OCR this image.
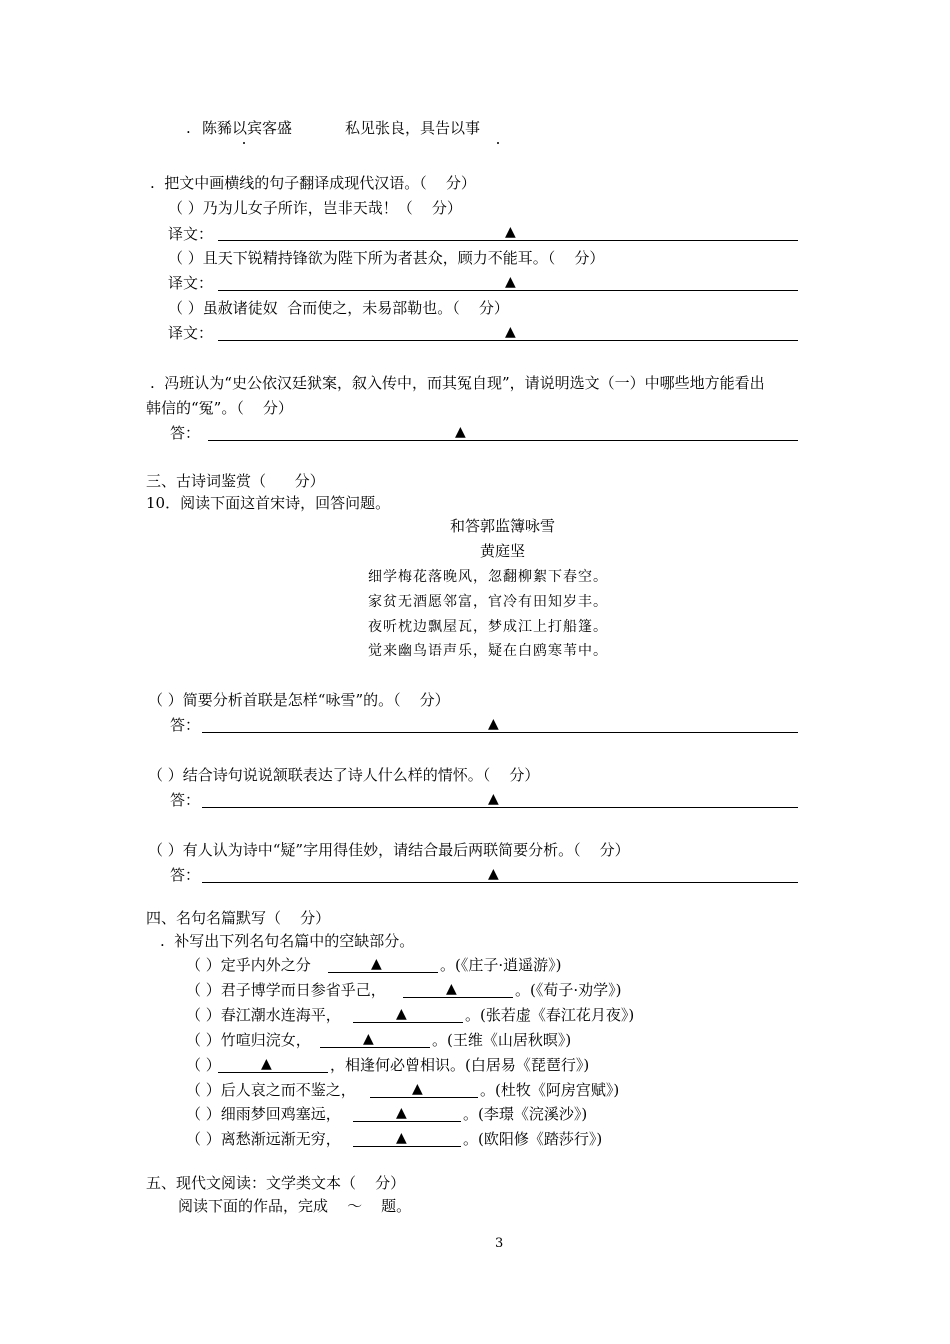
. 陈豨以宾客盛	私见张良，具告以事
.  把文中画横线的句子翻译成现代汉语。（    分）
（ ）乃为儿女子所诈，岂非天哉！（    分）
译文：	▲
（ ）且天下锐精持锋欲为陛下所为者甚众，顾力不能耳。（    分）
译文：	▲
（ ）虽赦诸徒奴  合而使之，未易部勒也。（    分）
译文：	▲
.  冯班认为“史公依汉廷狱案，叙入传中，而其冤自现”，请说明选文（一）中哪些地方能看出
韩信的“冤”。（    分）
答：	▲
三、古诗词鉴赏（      分）
10．阅读下面这首宋诗，回答问题。
和答郭监簿咏雪
黄庭坚
细学梅花落晚风，忽翻柳絮下春空。
家贫无酒愿邻富，官冷有田知岁丰。
夜听枕边飘屋瓦，梦成江上打船篷。
觉来幽鸟语声乐，疑在白鸥寒苇中。
（ ）简要分析首联是怎样“咏雪”的。（    分）
答：	▲
（ ）结合诗句说说颔联表达了诗人什么样的情怀。（    分）
答：	▲
（ ）有人认为诗中“疑”字用得佳妙，请结合最后两联简要分析。（    分）
答：	▲
四、名句名篇默写（    分）
.  补写出下列名句名篇中的空缺部分。
（ ）定乎内外之分	▲	。(《庄子·逍遥游》)
（ ）君子博学而日参省乎己，	▲	。(《荀子·劝学》)
（ ）春江潮水连海平，	▲	。(张若虚《春江花月夜》)
（ ）竹喧归浣女，	▲	。(王维《山居秋暝》)
（ ）	▲	，相逢何必曾相识。(白居易《琵琶行》)
（ ）后人哀之而不鉴之，	▲	。(杜牧《阿房宫赋》)
（ ）细雨梦回鸡塞远，	▲	。(李璟《浣溪沙》)
（ ）离愁渐远渐无穷，	▲	。(欧阳修《踏莎行》)
五、现代文阅读：文学类文本（    分）
阅读下面的作品，完成    ～    题。
3
